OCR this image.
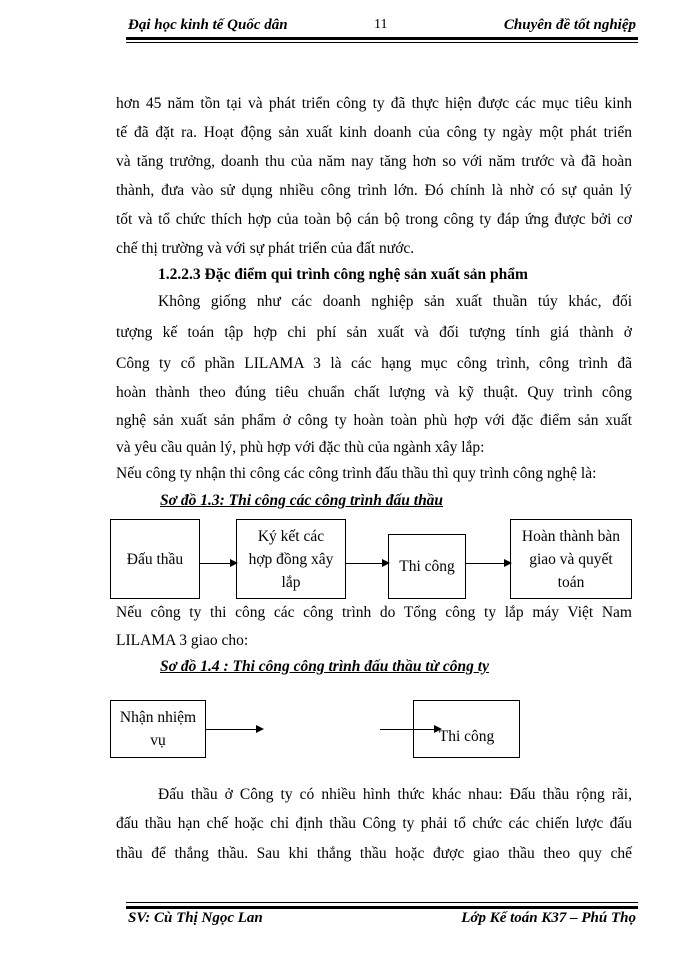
Đại học kinh tế Quốc dân	11	Chuyên đề tốt nghiệp
hơn 45 năm tồn tại và phát triển công ty đã thực hiện được các mục tiêu kinh
tế đã đặt ra. Hoạt động sản xuất kinh doanh của công ty ngày một phát triển
và tăng trưởng, doanh thu của năm nay tăng hơn so với năm trước và đã hoàn
thành, đưa vào sử dụng nhiều công trình lớn. Đó chính là nhờ có sự quản lý
tốt và tổ chức thích hợp của toàn bộ cán bộ trong công ty đáp ứng được bởi cơ
chế thị trường và với sự phát triển của đất nước.
1.2.2.3 Đặc điểm qui trình công nghệ sản xuất sản phẩm
Không giống như các doanh nghiệp sản xuất thuần túy khác, đối
tượng kế toán tập hợp chi phí sản xuất và đối tượng tính giá thành ở
Công ty cổ phần LILAMA 3 là các hạng mục công trình, công trình đã
hoàn thành theo đúng tiêu chuẩn chất lượng và kỹ thuật. Quy trình công
nghệ sản xuất sản phẩm ở công ty hoàn toàn phù hợp với đặc điểm sản xuất
và yêu cầu quản lý, phù hợp với đặc thù của ngành xây lắp:
Nếu công ty nhận thi công các công trình đấu thầu thì quy trình công nghệ là:
Sơ đồ 1.3: Thi công các công trình đấu thầu
Nếu công ty thi công các công trình do Tổng công ty lắp máy Việt Nam
LILAMA 3 giao cho:
Sơ đồ 1.4 : Thi công công trình đấu thầu từ công ty
Đấu thầu ở Công ty có nhiều hình thức khác nhau: Đấu thầu rộng rãi,
đấu thầu hạn chế hoặc chỉ định thầu Công ty phải tổ chức các chiến lược đấu
thầu để thắng thầu. Sau khi thắng thầu hoặc được giao thầu theo quy chế
Đấu thầu
Ký kết các
hợp đồng xây
lắp
Thi công
Hoàn thành bàn
giao và quyết
toán
Nhận nhiệm
vụ	Thi công
SV: Cù Thị Ngọc Lan	Lớp Kế toán K37 – Phú Thọ
